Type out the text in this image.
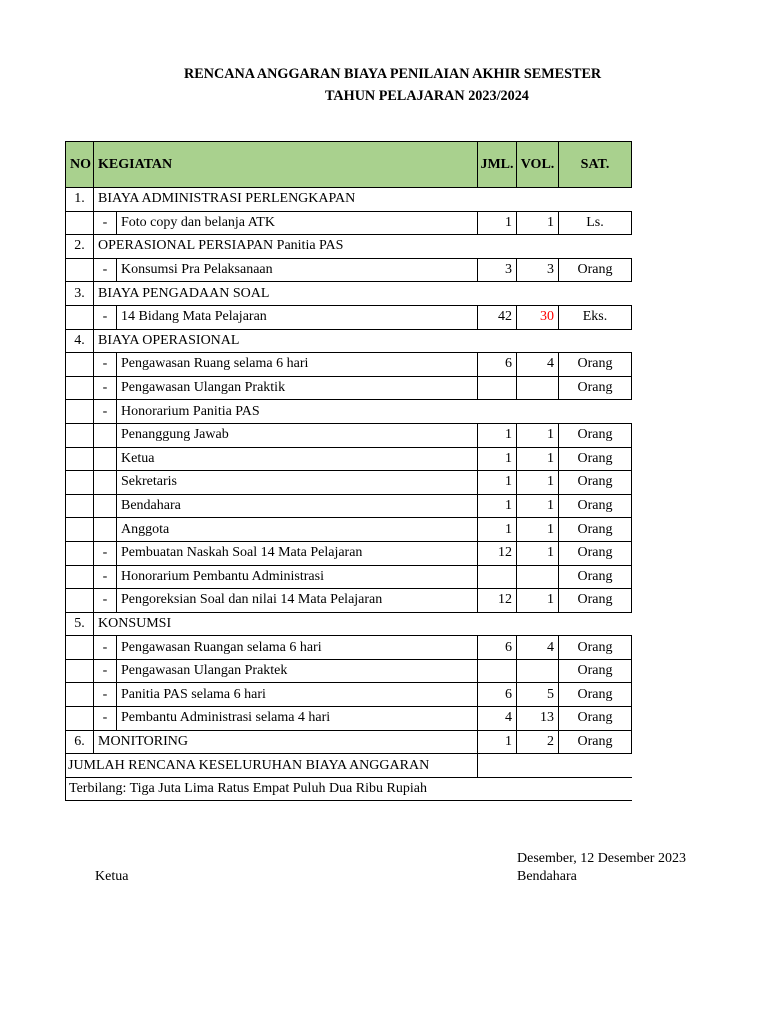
RENCANA ANGGARAN BIAYA PENILAIAN AKHIR SEMESTER
TAHUN PELAJARAN 2023/2024
NO	KEGIATAN		JML.	VOL.	SAT.
1.	BIAYA ADMINISTRASI PERLENGKAPAN				
	-	Foto copy dan belanja ATK	1	1	Ls.
2.	OPERASIONAL PERSIAPAN Panitia PAS				
	-	Konsumsi Pra Pelaksanaan	3	3	Orang
3.	BIAYA PENGADAAN SOAL				
	-	14 Bidang Mata Pelajaran	42	30	Eks.
4.	BIAYA OPERASIONAL				
	-	Pengawasan Ruang selama 6 hari	6	4	Orang
	-	Pengawasan Ulangan Praktik			Orang
	-	Honorarium Panitia PAS			
		Penanggung Jawab	1	1	Orang
		Ketua	1	1	Orang
		Sekretaris	1	1	Orang
		Bendahara	1	1	Orang
		Anggota	1	1	Orang
	-	Pembuatan Naskah Soal 14 Mata Pelajaran	12	1	Orang
	-	Honorarium Pembantu Administrasi			Orang
	-	Pengoreksian Soal dan nilai 14 Mata Pelajaran	12	1	Orang
5.	KONSUMSI				
	-	Pengawasan Ruangan selama 6 hari	6	4	Orang
	-	Pengawasan Ulangan Praktek			Orang
	-	Panitia PAS selama 6 hari	6	5	Orang
	-	Pembantu Administrasi selama 4 hari	4	13	Orang
6.	MONITORING		1	2	Orang
JUMLAH RENCANA KESELURUHAN BIAYA ANGGARAN					
Terbilang: Tiga Juta Lima Ratus Empat Puluh Dua Ribu Rupiah					
Desember, 12 Desember 2023
Ketua	Bendahara
